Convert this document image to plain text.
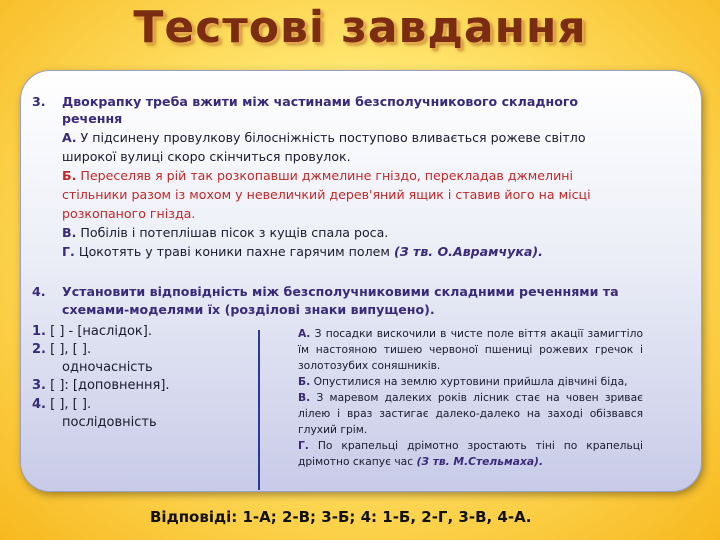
Тестові завдання
3. Двокрапку треба вжити між частинами безсполучникового складного
речення
А. У підсинену провулкову білосніжність поступово вливається рожеве світло
широкої вулиці скоро скінчиться провулок.
Б. Переселяв я рій так розкопавши джмелине гніздо, перекладав джмелині
стільники разом із мохом у невеличкий дерев'яний ящик і ставив його на місці
розкопаного гнізда.
В. Побілів і потеплішав пісок з кущів спала роса.
Г. Цокотять у траві коники пахне гарячим полем (З тв. О.Аврамчука).
4. Установити відповідність між безсполучниковими складними реченнями та
схемами-моделями їх (розділові знаки випущено).
1. [ ] - [наслідок].
2. [ ], [ ].
одночасність
3. [ ]: [доповнення].
4. [ ], [ ].
послідовність

А. З посадки вискочили в чисте поле віття акації замигтіло їм настояною тишею червоної пшениці рожевих гречок і золотозубих соняшників.

Б. Опустилися на землю хуртовини прийшла дівчині біда,

В. З маревом далеких років лісник стає на човен зриває лілею і враз застигає далеко-далеко на заході обізвався глухий грім.

Г. По крапельці дрімотно зростають тіні по крапельці дрімотно скапує час (З тв. М.Стельмаха).

Відповіді: 1-А; 2-В; 3-Б; 4: 1-Б, 2-Г, 3-В, 4-А.
